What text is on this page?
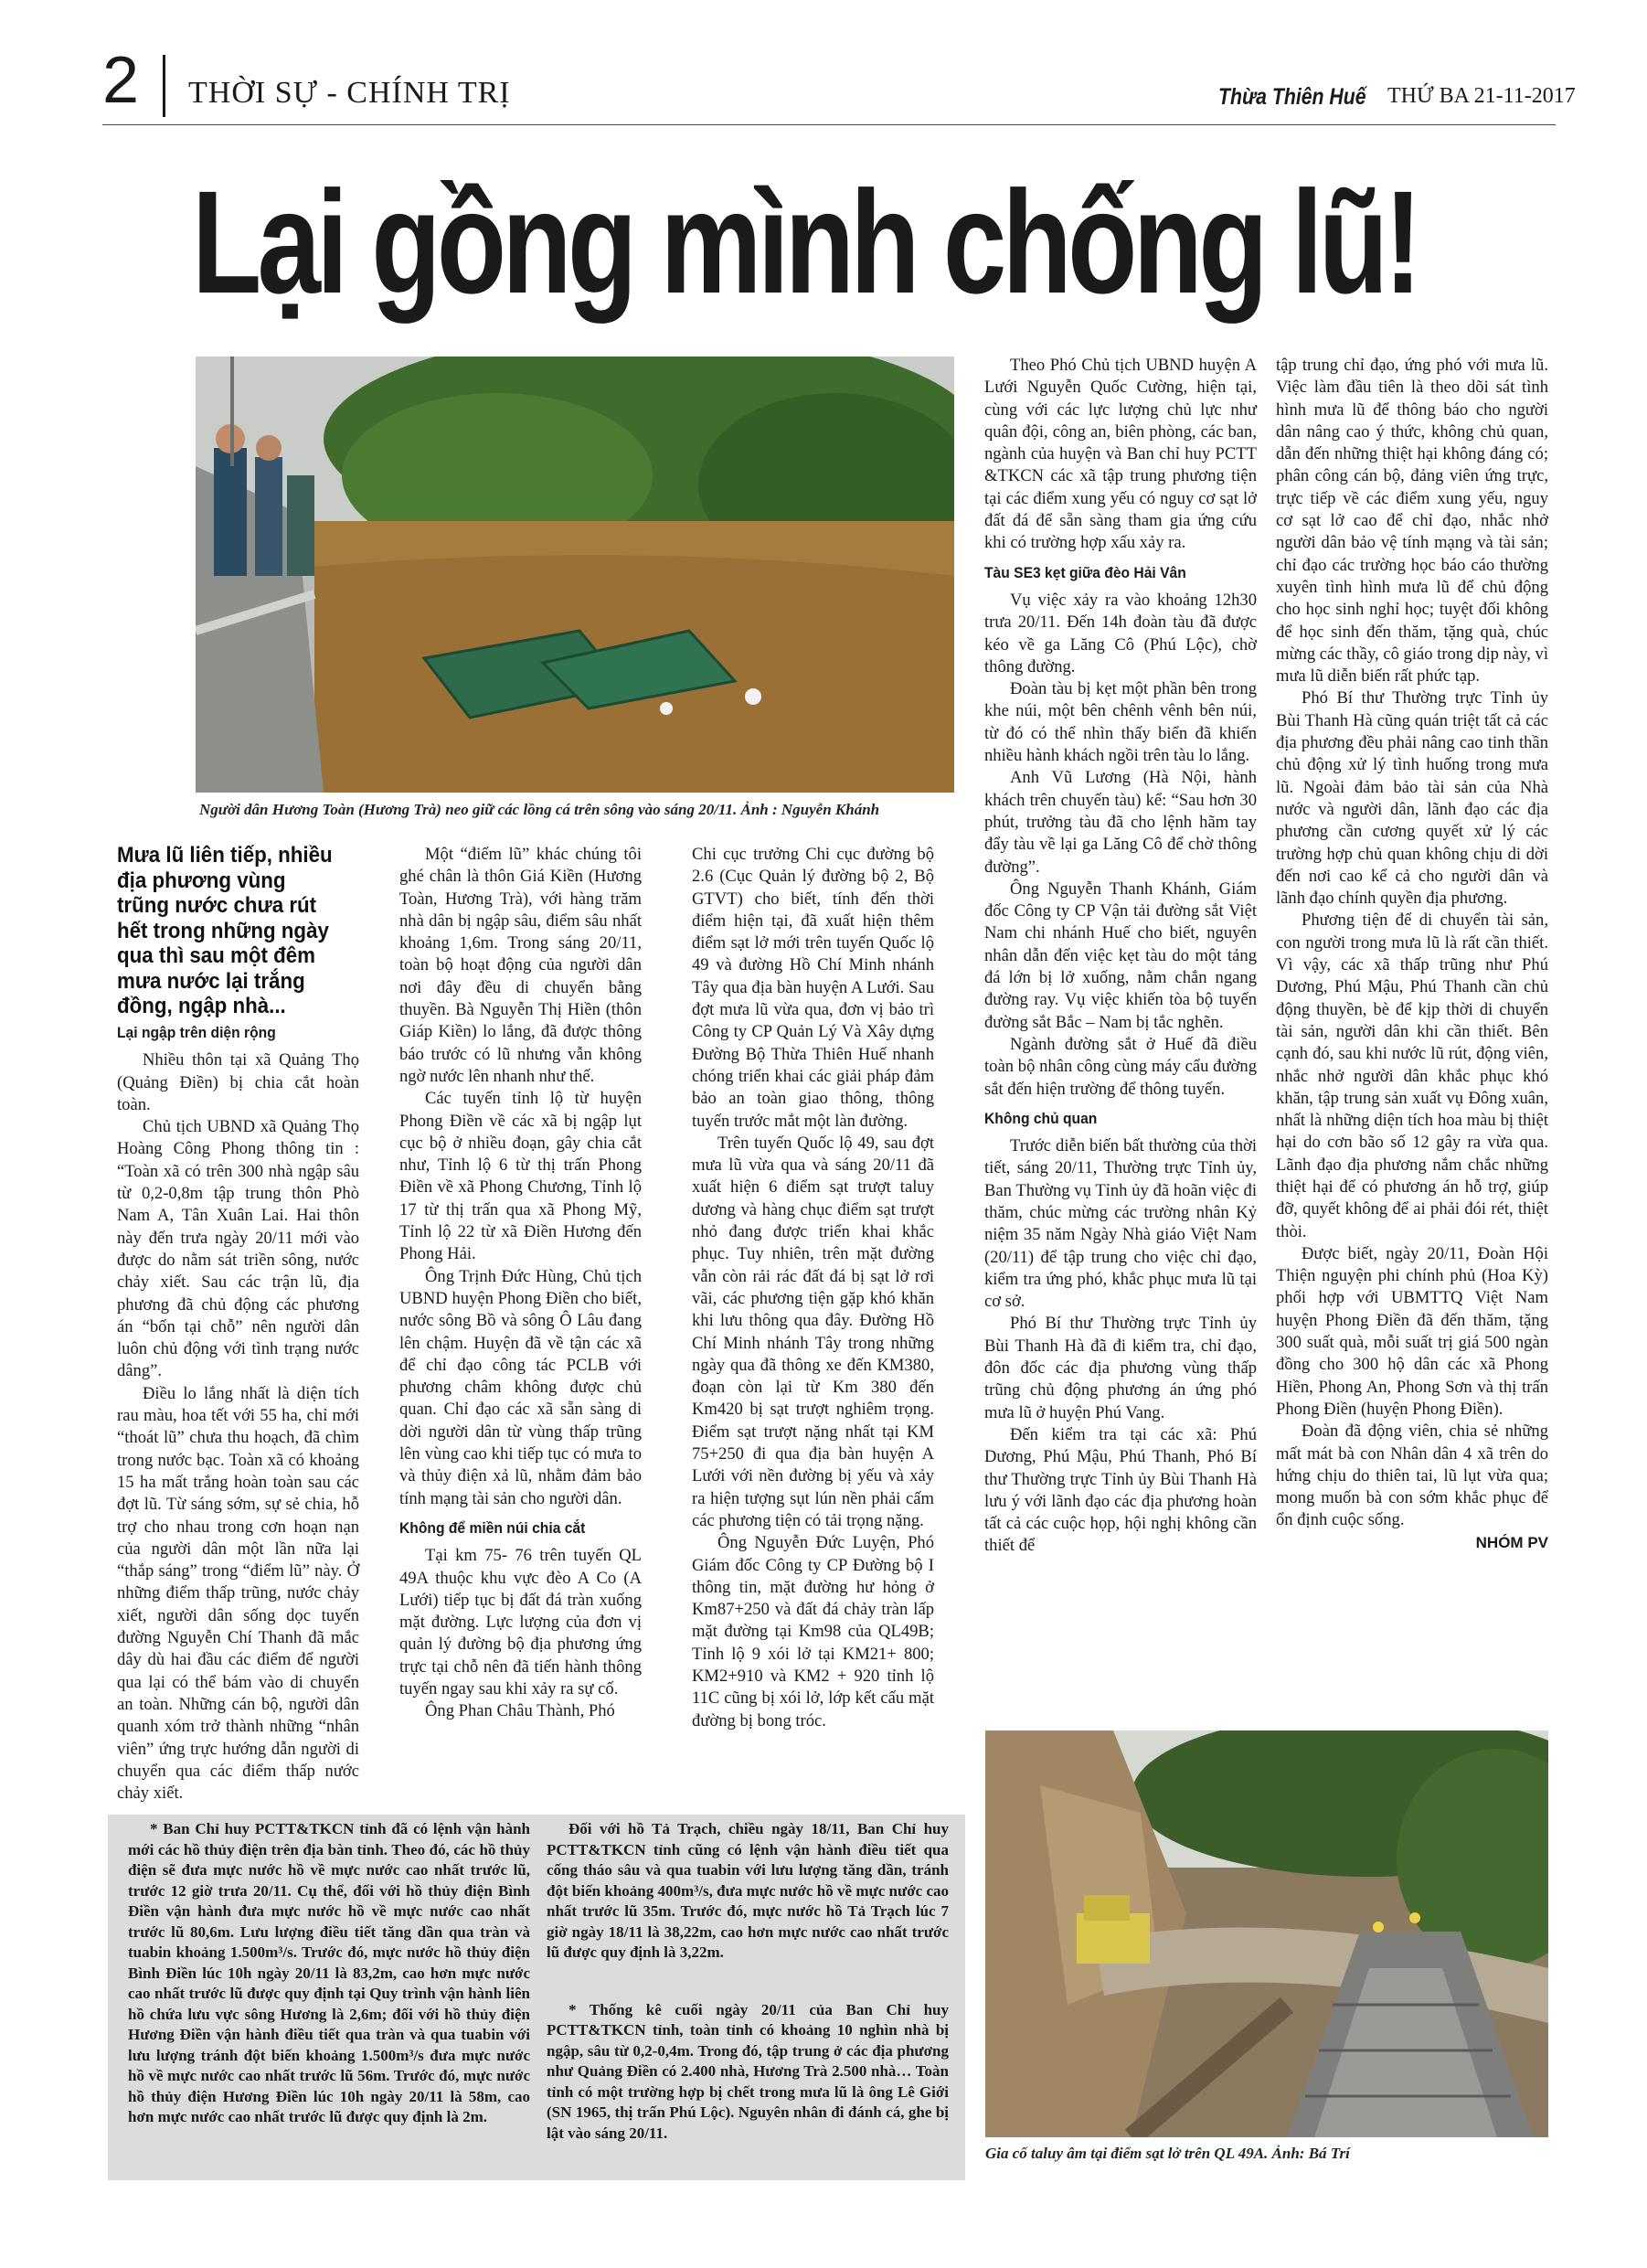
2 THỜI SỰ - CHÍNH TRỊ	Thừa Thiên Huế THỨ BA 21-11-2017
Lại gồng mình chống lũ!
Người dân Hương Toàn (Hương Trà) neo giữ các lồng cá trên sông vào sáng 20/11. Ảnh : Nguyễn Khánh
Mưa lũ liên tiếp, nhiều địa phương vùng trũng nước chưa rút hết trong những ngày qua thì sau một đêm mưa nước lại trắng đồng, ngập nhà...
Lại ngập trên diện rộng

Nhiều thôn tại xã Quảng Thọ (Quảng Điền) bị chia cắt hoàn toàn.

Chủ tịch UBND xã Quảng Thọ Hoàng Công Phong thông tin : “Toàn xã có trên 300 nhà ngập sâu từ 0,2-0,8m tập trung thôn Phò Nam A, Tân Xuân Lai. Hai thôn này đến trưa ngày 20/11 mới vào được do nằm sát triền sông, nước chảy xiết. Sau các trận lũ, địa phương đã chủ động các phương án “bốn tại chỗ” nên người dân luôn chủ động với tình trạng nước dâng”.

Điều lo lắng nhất là diện tích rau màu, hoa tết với 55 ha, chỉ mới “thoát lũ” chưa thu hoạch, đã chìm trong nước bạc. Toàn xã có khoảng 15 ha mất trắng hoàn toàn sau các đợt lũ. Từ sáng sớm, sự sẻ chia, hỗ trợ cho nhau trong cơn hoạn nạn của người dân một lần nữa lại “thắp sáng” trong “điểm lũ” này. Ở những điểm thấp trũng, nước chảy xiết, người dân sống dọc tuyến đường Nguyễn Chí Thanh đã mắc dây dù hai đầu các điểm để người qua lại có thể bám vào di chuyển an toàn. Những cán bộ, người dân quanh xóm trở thành những “nhân viên” ứng trực hướng dẫn người di chuyển qua các điểm thấp nước chảy xiết.

Một “điểm lũ” khác chúng tôi ghé chân là thôn Giá Kiền (Hương Toàn, Hương Trà), với hàng trăm nhà dân bị ngập sâu, điểm sâu nhất khoảng 1,6m. Trong sáng 20/11, toàn bộ hoạt động của người dân nơi đây đều di chuyển bằng thuyền. Bà Nguyễn Thị Hiền (thôn Giáp Kiền) lo lắng, đã được thông báo trước có lũ nhưng vẫn không ngờ nước lên nhanh như thế.

Các tuyến tỉnh lộ từ huyện Phong Điền về các xã bị ngập lụt cục bộ ở nhiều đoạn, gây chia cắt như, Tỉnh lộ 6 từ thị trấn Phong Điền về xã Phong Chương, Tỉnh lộ 17 từ thị trấn qua xã Phong Mỹ, Tỉnh lộ 22 từ xã Điền Hương đến Phong Hải.

Ông Trịnh Đức Hùng, Chủ tịch UBND huyện Phong Điền cho biết, nước sông Bồ và sông Ô Lâu đang lên chậm. Huyện đã về tận các xã để chỉ đạo công tác PCLB với phương châm không được chủ quan. Chỉ đạo các xã sẵn sàng di dời người dân từ vùng thấp trũng lên vùng cao khi tiếp tục có mưa to và thủy điện xả lũ, nhằm đảm bảo tính mạng tài sản cho người dân.

Không để miền núi chia cắt

Tại km 75- 76 trên tuyến QL 49A thuộc khu vực đèo A Co (A Lưới) tiếp tục bị đất đá tràn xuống mặt đường. Lực lượng của đơn vị quản lý đường bộ địa phương ứng trực tại chỗ nên đã tiến hành thông tuyến ngay sau khi xảy ra sự cố.

Ông Phan Châu Thành, Phó

Chi cục trưởng Chi cục đường bộ 2.6 (Cục Quản lý đường bộ 2, Bộ GTVT) cho biết, tính đến thời điểm hiện tại, đã xuất hiện thêm điểm sạt lở mới trên tuyến Quốc lộ 49 và đường Hồ Chí Minh nhánh Tây qua địa bàn huyện A Lưới. Sau đợt mưa lũ vừa qua, đơn vị bảo trì Công ty CP Quản Lý Và Xây dựng Đường Bộ Thừa Thiên Huế nhanh chóng triển khai các giải pháp đảm bảo an toàn giao thông, thông tuyến trước mắt một làn đường.

Trên tuyến Quốc lộ 49, sau đợt mưa lũ vừa qua và sáng 20/11 đã xuất hiện 6 điểm sạt trượt taluy dương và hàng chục điểm sạt trượt nhỏ đang được triển khai khắc phục. Tuy nhiên, trên mặt đường vẫn còn rải rác đất đá bị sạt lở rơi vãi, các phương tiện gặp khó khăn khi lưu thông qua đây. Đường Hồ Chí Minh nhánh Tây trong những ngày qua đã thông xe đến KM380, đoạn còn lại từ Km 380 đến Km420 bị sạt trượt nghiêm trọng. Điểm sạt trượt nặng nhất tại KM 75+250 đi qua địa bàn huyện A Lưới với nền đường bị yếu và xảy ra hiện tượng sụt lún nền phải cấm các phương tiện có tải trọng nặng.

Ông Nguyễn Đức Luyện, Phó Giám đốc Công ty CP Đường bộ I thông tin, mặt đường hư hỏng ở Km87+250 và đất đá chảy tràn lấp mặt đường tại Km98 của QL49B; Tỉnh lộ 9 xói lở tại KM21+ 800; KM2+910 và KM2 + 920 tỉnh lộ 11C cũng bị xói lở, lớp kết cấu mặt đường bị bong tróc.

Theo Phó Chủ tịch UBND huyện A Lưới Nguyễn Quốc Cường, hiện tại, cùng với các lực lượng chủ lực như quân đội, công an, biên phòng, các ban, ngành của huyện và Ban chỉ huy PCTT &TKCN các xã tập trung phương tiện tại các điểm xung yếu có nguy cơ sạt lở đất đá để sẵn sàng tham gia ứng cứu khi có trường hợp xấu xảy ra.

Tàu SE3 kẹt giữa đèo Hải Vân

Vụ việc xảy ra vào khoảng 12h30 trưa 20/11. Đến 14h đoàn tàu đã được kéo về ga Lăng Cô (Phú Lộc), chờ thông đường.

Đoàn tàu bị kẹt một phần bên trong khe núi, một bên chênh vênh bên núi, từ đó có thể nhìn thấy biển đã khiến nhiều hành khách ngồi trên tàu lo lắng.

Anh Vũ Lương (Hà Nội, hành khách trên chuyến tàu) kể: “Sau hơn 30 phút, trưởng tàu đã cho lệnh hãm tay đẩy tàu về lại ga Lăng Cô để chờ thông đường”.

Ông Nguyễn Thanh Khánh, Giám đốc Công ty CP Vận tải đường sắt Việt Nam chi nhánh Huế cho biết, nguyên nhân dẫn đến việc kẹt tàu do một tảng đá lớn bị lở xuống, nằm chắn ngang đường ray. Vụ việc khiến tòa bộ tuyến đường sắt Bắc – Nam bị tắc nghẽn.

Ngành đường sắt ở Huế đã điều toàn bộ nhân công cùng máy cẩu đường sắt đến hiện trường để thông tuyến.

Không chủ quan

Trước diễn biến bất thường của thời tiết, sáng 20/11, Thường trực Tỉnh ủy, Ban Thường vụ Tỉnh ủy đã hoãn việc đi thăm, chúc mừng các trường nhân Kỷ niệm 35 năm Ngày Nhà giáo Việt Nam (20/11) để tập trung cho việc chỉ đạo, kiểm tra ứng phó, khắc phục mưa lũ tại cơ sở.

Phó Bí thư Thường trực Tỉnh ủy Bùi Thanh Hà đã đi kiểm tra, chỉ đạo, đôn đốc các địa phương vùng thấp trũng chủ động phương án ứng phó mưa lũ ở huyện Phú Vang.

Đến kiểm tra tại các xã: Phú Dương, Phú Mậu, Phú Thanh, Phó Bí thư Thường trực Tỉnh ủy Bùi Thanh Hà lưu ý với lãnh đạo các địa phương hoàn tất cả các cuộc họp, hội nghị không cần thiết để

tập trung chỉ đạo, ứng phó với mưa lũ. Việc làm đầu tiên là theo dõi sát tình hình mưa lũ để thông báo cho người dân nâng cao ý thức, không chủ quan, dẫn đến những thiệt hại không đáng có; phân công cán bộ, đảng viên ứng trực, trực tiếp về các điểm xung yếu, nguy cơ sạt lở cao để chỉ đạo, nhắc nhở người dân bảo vệ tính mạng và tài sản; chỉ đạo các trường học báo cáo thường xuyên tình hình mưa lũ để chủ động cho học sinh nghỉ học; tuyệt đối không để học sinh đến thăm, tặng quà, chúc mừng các thầy, cô giáo trong dịp này, vì mưa lũ diễn biến rất phức tạp.

Phó Bí thư Thường trực Tỉnh ủy Bùi Thanh Hà cũng quán triệt tất cả các địa phương đều phải nâng cao tinh thần chủ động xử lý tình huống trong mưa lũ. Ngoài đảm bảo tài sản của Nhà nước và người dân, lãnh đạo các địa phương cần cương quyết xử lý các trường hợp chủ quan không chịu di dời đến nơi cao kể cả cho người dân và lãnh đạo chính quyền địa phương.

Phương tiện để di chuyển tài sản, con người trong mưa lũ là rất cần thiết. Vì vậy, các xã thấp trũng như Phú Dương, Phú Mậu, Phú Thanh cần chủ động thuyền, bè để kịp thời di chuyển tài sản, người dân khi cần thiết. Bên cạnh đó, sau khi nước lũ rút, động viên, nhắc nhở người dân khắc phục khó khăn, tập trung sản xuất vụ Đông xuân, nhất là những diện tích hoa màu bị thiệt hại do cơn bão số 12 gây ra vừa qua. Lãnh đạo địa phương nắm chắc những thiệt hại để có phương án hỗ trợ, giúp đỡ, quyết không để ai phải đói rét, thiệt thòi.

Được biết, ngày 20/11, Đoàn Hội Thiện nguyện phi chính phủ (Hoa Kỳ) phối hợp với UBMTTQ Việt Nam huyện Phong Điền đã đến thăm, tặng 300 suất quà, mỗi suất trị giá 500 ngàn đồng cho 300 hộ dân các xã Phong Hiền, Phong An, Phong Sơn và thị trấn Phong Điền (huyện Phong Điền).

Đoàn đã động viên, chia sẻ những mất mát bà con Nhân dân 4 xã trên do hứng chịu do thiên tai, lũ lụt vừa qua; mong muốn bà con sớm khắc phục để ổn định cuộc sống.

NHÓM PV

* Ban Chỉ huy PCTT&TKCN tỉnh đã có lệnh vận hành mới các hồ thủy điện trên địa bàn tỉnh. Theo đó, các hồ thủy điện sẽ đưa mực nước hồ về mực nước cao nhất trước lũ, trước 12 giờ trưa 20/11. Cụ thể, đối với hồ thủy điện Bình Điền vận hành đưa mực nước hồ về mực nước cao nhất trước lũ 80,6m. Lưu lượng điều tiết tăng dần qua tràn và tuabin khoảng 1.500m³/s. Trước đó, mực nước hồ thủy điện Bình Điền lúc 10h ngày 20/11 là 83,2m, cao hơn mực nước cao nhất trước lũ được quy định tại Quy trình vận hành liên hồ chứa lưu vực sông Hương là 2,6m; đối với hồ thủy điện Hương Điền vận hành điều tiết qua tràn và qua tuabin với lưu lượng tránh đột biến khoảng 1.500m³/s đưa mực nước hồ về mực nước cao nhất trước lũ 56m. Trước đó, mực nước hồ thủy điện Hương Điền lúc 10h ngày 20/11 là 58m, cao hơn mực nước cao nhất trước lũ được quy định là 2m.

Đối với hồ Tả Trạch, chiều ngày 18/11, Ban Chỉ huy PCTT&TKCN tỉnh cũng có lệnh vận hành điều tiết qua cống tháo sâu và qua tuabin với lưu lượng tăng dần, tránh đột biến khoảng 400m³/s, đưa mực nước hồ về mực nước cao nhất trước lũ 35m. Trước đó, mực nước hồ Tả Trạch lúc 7 giờ ngày 18/11 là 38,22m, cao hơn mực nước cao nhất trước lũ được quy định là 3,22m.

* Thống kê cuối ngày 20/11 của Ban Chỉ huy PCTT&TKCN tỉnh, toàn tỉnh có khoảng 10 nghìn nhà bị ngập, sâu từ 0,2-0,4m. Trong đó, tập trung ở các địa phương như Quảng Điền có 2.400 nhà, Hương Trà 2.500 nhà… Toàn tỉnh có một trường hợp bị chết trong mưa lũ là ông Lê Giới (SN 1965, thị trấn Phú Lộc). Nguyên nhân đi đánh cá, ghe bị lật vào sáng 20/11.

Gia cố taluy âm tại điểm sạt lở trên QL 49A. Ảnh: Bá Trí
